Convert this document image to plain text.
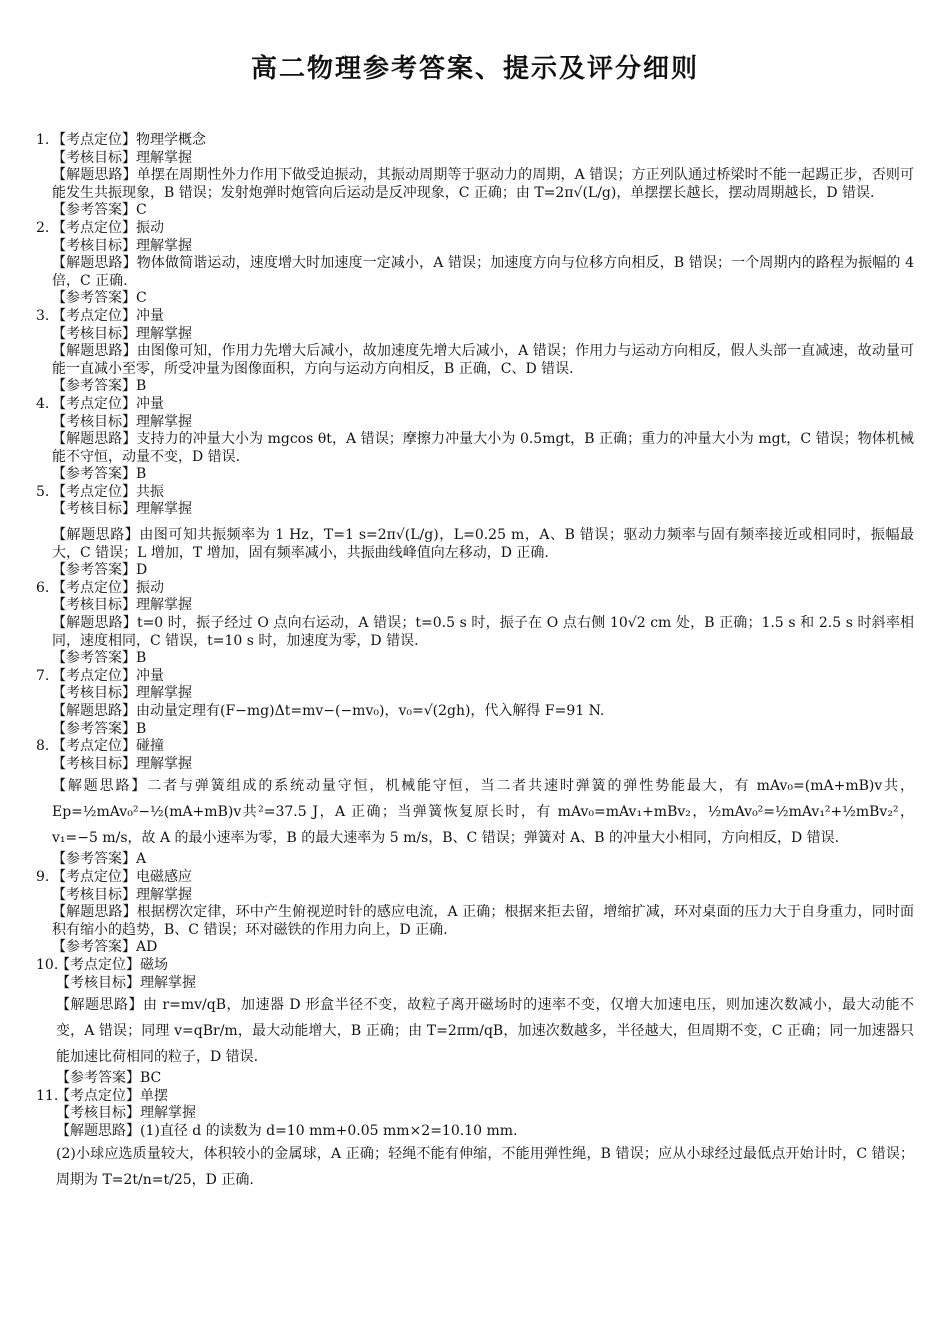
高二物理参考答案、提示及评分细则
1. 【考点定位】物理学概念
【考核目标】理解掌握
【解题思路】单摆在周期性外力作用下做受迫振动，其振动周期等于驱动力的周期，A 错误；方正列队通过桥梁时不能一起踢正步，否则可能发生共振现象，B 错误；发射炮弹时炮管向后运动是反冲现象，C 正确；由 T=2π√(L/g)，单摆摆长越长，摆动周期越长，D 错误.
【参考答案】C
2. 【考点定位】振动
【考核目标】理解掌握
【解题思路】物体做简谐运动，速度增大时加速度一定减小，A 错误；加速度方向与位移方向相反，B 错误；一个周期内的路程为振幅的 4 倍，C 正确.
【参考答案】C
3. 【考点定位】冲量
【考核目标】理解掌握
【解题思路】由图像可知，作用力先增大后减小，故加速度先增大后减小，A 错误；作用力与运动方向相反，假人头部一直减速，故动量可能一直减小至零，所受冲量为图像面积，方向与运动方向相反，B 正确，C、D 错误.
【参考答案】B
4. 【考点定位】冲量
【考核目标】理解掌握
【解题思路】支持力的冲量大小为 mgcos θt，A 错误；摩擦力冲量大小为 0.5mgt，B 正确；重力的冲量大小为 mgt，C 错误；物体机械能不守恒，动量不变，D 错误.
【参考答案】B
5. 【考点定位】共振
【考核目标】理解掌握
【解题思路】由图可知共振频率为 1 Hz，T=1 s=2π√(L/g)，L=0.25 m，A、B 错误；驱动力频率与固有频率接近或相同时，振幅最大，C 错误；L 增加，T 增加，固有频率减小，共振曲线峰值向左移动，D 正确.
【参考答案】D
6. 【考点定位】振动
【考核目标】理解掌握
【解题思路】t=0 时，振子经过 O 点向右运动，A 错误；t=0.5 s 时，振子在 O 点右侧 10√2 cm 处，B 正确；1.5 s 和 2.5 s 时斜率相同，速度相同，C 错误，t=10 s 时，加速度为零，D 错误.
【参考答案】B
7. 【考点定位】冲量
【考核目标】理解掌握
【解题思路】由动量定理有(F−mg)Δt=mv−(−mv₀)，v₀=√(2gh)，代入解得 F=91 N.
【参考答案】B
8. 【考点定位】碰撞
【考核目标】理解掌握
【解题思路】二者与弹簧组成的系统动量守恒，机械能守恒，当二者共速时弹簧的弹性势能最大，有 mAv₀=(mA+mB)v共，Ep=½mAv₀²−½(mA+mB)v共²=37.5 J，A 正确；当弹簧恢复原长时，有 mAv₀=mAv₁+mBv₂，½mAv₀²=½mAv₁²+½mBv₂²，v₁=−5 m/s，故 A 的最小速率为零，B 的最大速率为 5 m/s，B、C 错误；弹簧对 A、B 的冲量大小相同，方向相反，D 错误.
【参考答案】A
9. 【考点定位】电磁感应
【考核目标】理解掌握
【解题思路】根据楞次定律，环中产生俯视逆时针的感应电流，A 正确；根据来拒去留，增缩扩减，环对桌面的压力大于自身重力，同时面积有缩小的趋势，B、C 错误；环对磁铁的作用力向上，D 正确.
【参考答案】AD
10.
【考点定位】磁场
【考核目标】理解掌握
【解题思路】由 r=mv/qB，加速器 D 形盒半径不变，故粒子离开磁场时的速率不变，仅增大加速电压，则加速次数减小，最大动能不变，A 错误；同理 v=qBr/m，最大动能增大，B 正确；由 T=2πm/qB，加速次数越多，半径越大，但周期不变，C 正确；同一加速器只能加速比荷相同的粒子，D 错误.
【参考答案】BC
11.
【考点定位】单摆
【考核目标】理解掌握
【解题思路】(1)直径 d 的读数为 d=10 mm+0.05 mm×2=10.10 mm.
(2)小球应选质量较大，体积较小的金属球，A 正确；轻绳不能有伸缩，不能用弹性绳，B 错误；应从小球经过最低点开始计时，C 错误；周期为 T=2t/n=t/25，D 正确.
